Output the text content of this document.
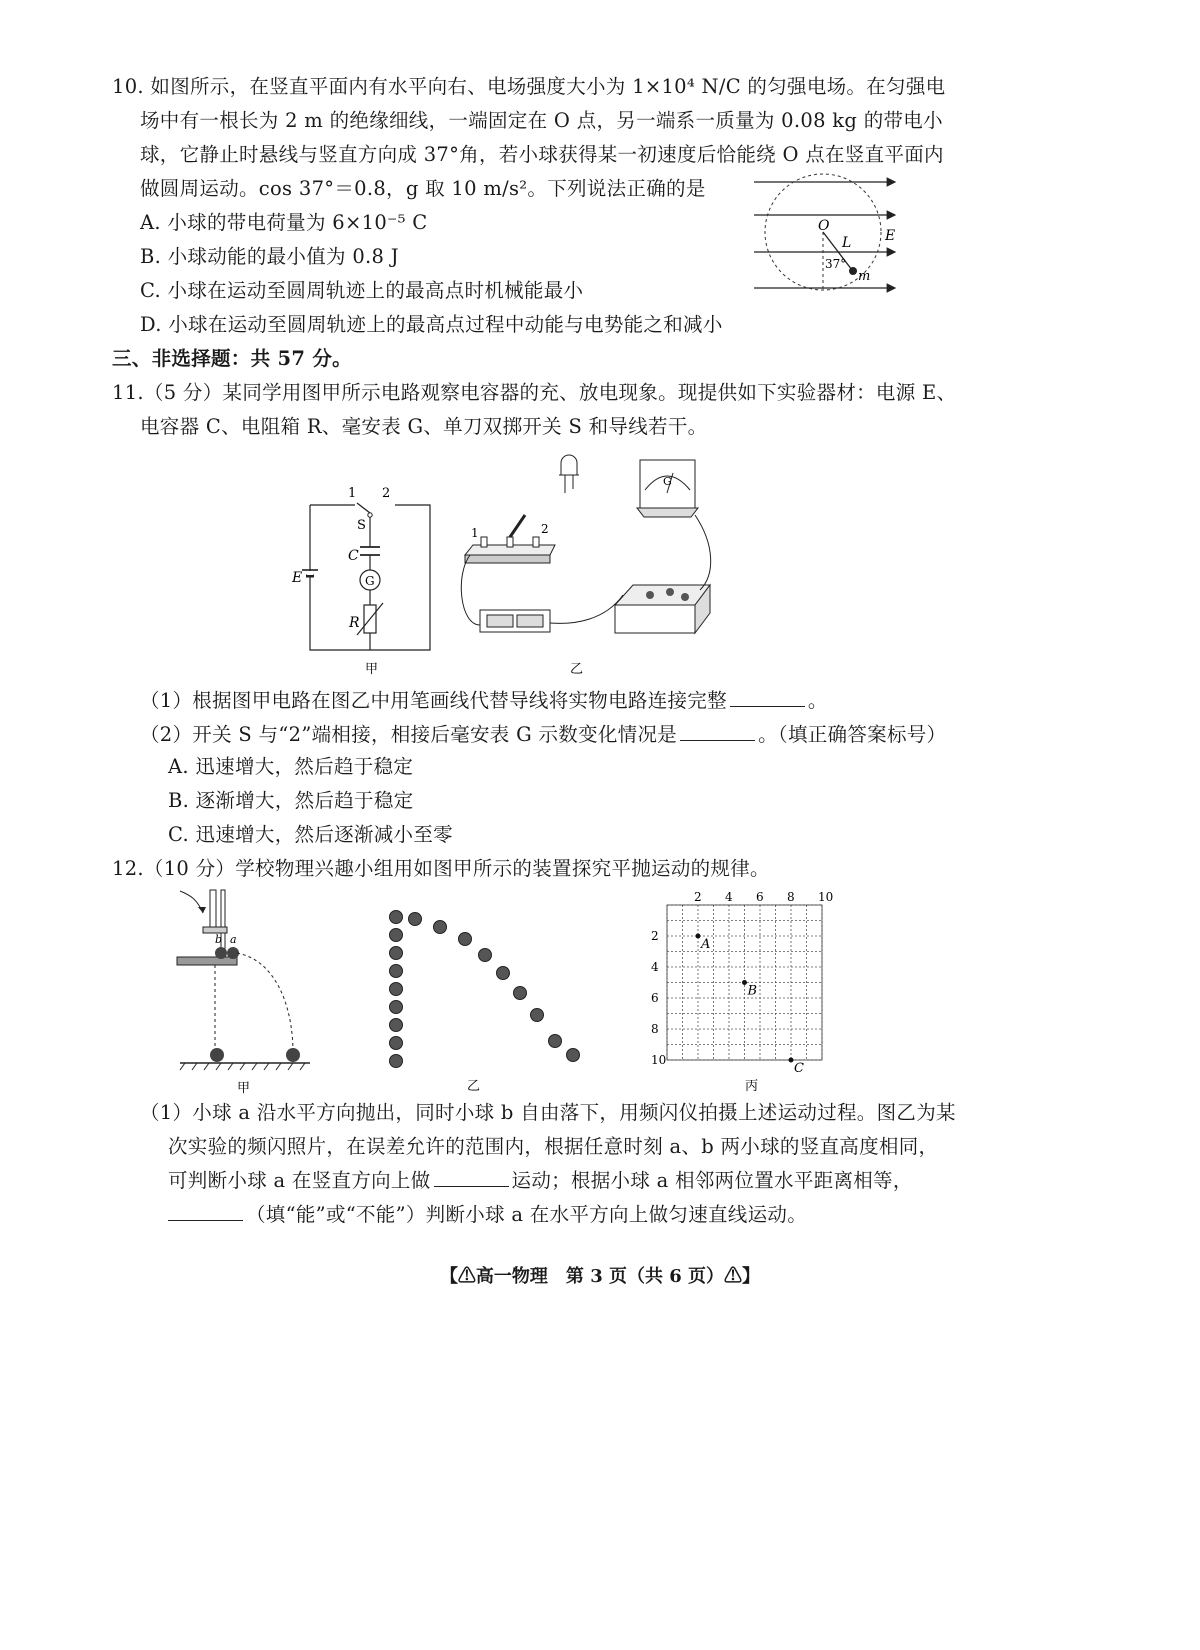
10. 如图所示，在竖直平面内有水平向右、电场强度大小为 1×10⁴ N/C 的匀强电场。在匀强电
场中有一根长为 2 m 的绝缘细线，一端固定在 O 点，另一端系一质量为 0.08 kg 的带电小
球，它静止时悬线与竖直方向成 37°角，若小球获得某一初速度后恰能绕 O 点在竖直平面内
做圆周运动。cos 37°＝0.8，g 取 10 m/s²。下列说法正确的是
A. 小球的带电荷量为 6×10⁻⁵ C
B. 小球动能的最小值为 0.8 J
C. 小球在运动至圆周轨迹上的最高点时机械能最小
D. 小球在运动至圆周轨迹上的最高点过程中动能与电势能之和减小
O
L E
37°
m
三、非选择题：共 57 分。
11.（5 分）某同学用图甲所示电路观察电容器的充、放电现象。现提供如下实验器材：电源 E、
电容器 C、电阻箱 R、毫安表 G、单刀双掷开关 S 和导线若干。
1 2
S
C
G
E
R
甲
G
1	2
乙
（1）根据图甲电路在图乙中用笔画线代替导线将实物电路连接完整	。
（2）开关 S 与“2”端相接，相接后毫安表 G 示数变化情况是	。（填正确答案标号）
A. 迅速增大，然后趋于稳定
B. 逐渐增大，然后趋于稳定
C. 迅速增大，然后逐渐减小至零
12.（10 分）学校物理兴趣小组用如图甲所示的装置探究平抛运动的规律。
b a
甲	乙
2 4 6 8 10
2
4
6
8
10
A
B
C
丙
（1）小球 a 沿水平方向抛出，同时小球 b 自由落下，用频闪仪拍摄上述运动过程。图乙为某
次实验的频闪照片，在误差允许的范围内，根据任意时刻 a、b 两小球的竖直高度相同，
可判断小球 a 在竖直方向上做	运动；根据小球 a 相邻两位置水平距离相等，
（填“能”或“不能”）判断小球 a 在水平方向上做匀速直线运动。
【⚠高一物理　第 3 页（共 6 页）⚠】
